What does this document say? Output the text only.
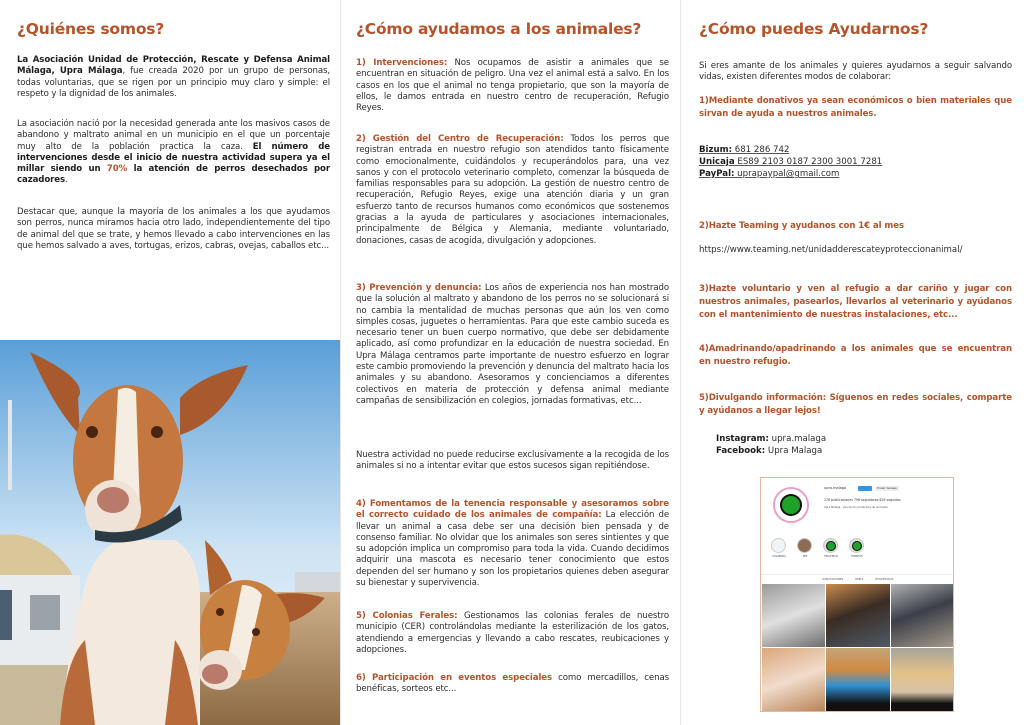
¿Quiénes somos?

La Asociación Unidad de Protección, Rescate y Defensa Animal Málaga, Upra Málaga, fue creada 2020 por un grupo de personas, todas voluntarias, que se rigen por un principio muy claro y simple: el respeto y la dignidad de los animales.

La asociación nació por la necesidad generada ante los masivos casos de abandono y maltrato animal en un municipio en el que un porcentaje muy alto de la población practica la caza. El número de intervenciones desde el inicio de nuestra actividad supera ya el millar siendo un 70% la atención de perros desechados por cazadores.

Destacar que, aunque la mayoría de los animales a los que ayudamos son perros, nunca miramos hacia otro lado, independientemente del tipo de animal del que se trate, y hemos llevado a cabo intervenciones en las que hemos salvado a aves, tortugas, erizos, cabras, ovejas, caballos etc...

¿Cómo ayudamos a los animales?

1) Intervenciones: Nos ocupamos de asistir a animales que se encuentran en situación de peligro. Una vez el animal está a salvo. En los casos en los que el animal no tenga propietario, que son la mayoría de ellos, le damos entrada en nuestro centro de recuperación, Refugio Reyes.

2) Gestión del Centro de Recuperación: Todos los perros que registran entrada en nuestro refugio son atendidos tanto físicamente como emocionalmente, cuidándolos y recuperándolos para, una vez sanos y con el protocolo veterinario completo, comenzar la búsqueda de familias responsables para su adopción. La gestión de nuestro centro de recuperación, Refugio Reyes, exige una atención diaria y un gran esfuerzo tanto de recursos humanos como económicos que sostenemos gracias a la ayuda de particulares y asociaciones internacionales, principalmente de Bélgica y Alemania, mediante voluntariado, donaciones, casas de acogida, divulgación y adopciones.

3) Prevención y denuncia: Los años de experiencia nos han mostrado que la solución al maltrato y abandono de los perros no se solucionará si no cambia la mentalidad de muchas personas que aún los ven como simples cosas, juguetes o herramientas. Para que este cambio suceda es necesario tener un buen cuerpo normativo, que debe ser debidamente aplicado, así como profundizar en la educación de nuestra sociedad. En Upra Málaga centramos parte importante de nuestro esfuerzo en lograr este cambio promoviendo la prevención y denuncia del maltrato hacia los animales y su abandono. Asesoramos y concienciamos a diferentes colectivos en materia de protección y defensa animal mediante campañas de sensibilización en colegios, jornadas formativas, etc...

Nuestra actividad no puede reducirse exclusivamente a la recogida de los animales si no a intentar evitar que estos sucesos sigan repitiéndose.

4) Fomentamos de la tenencia responsable y asesoramos sobre el correcto cuidado de los animales de compañía: La elección de llevar un animal a casa debe ser una decisión bien pensada y de consenso familiar. No olvidar que los animales son seres sintientes y que su adopción implica un compromiso para toda la vida. Cuando decidimos adquirir una mascota es necesario tener conocimiento que estos dependen del ser humano y son los propietarios quienes deben asegurar su bienestar y supervivencia.

5) Colonias Ferales: Gestionamos las colonias ferales de nuestro municipio (CER) controlándolas mediante la esterilización de los gatos, atendiendo a emergencias y llevando a cabo rescates, reubicaciones y adopciones.

6) Participación en eventos especiales como mercadillos, cenas benéficas, sorteos etc...

¿Cómo puedes Ayudarnos?

Si eres amante de los animales y quieres ayudarnos a seguir salvando vidas, existen diferentes modos de colaborar:

1)Mediante donativos ya sean económicos o bien materiales que sirvan de ayuda a nuestros animales.

Bizum: 681 286 742
Unicaja ES89 2103 0187 2300 3001 7281
PayPal: uprapaypal@gmail.com

2)Hazte Teaming y ayudanos con 1€ al mes

https://www.teaming.net/unidadderescateyproteccionanimal/

3)Hazte voluntario y ven al refugio a dar cariño y jugar con nuestros animales, pasearlos, llevarlos al veterinario y ayúdanos con el mantenimiento de nuestras instalaciones, etc...

4)Amadrinando/apadrinando a los animales que se encuentran en nuestro refugio.

5)Divulgando información: Síguenos en redes sociales, comparte y ayúdanos a llegar lejos!

Instagram: upra.malaga
Facebook: Upra Malaga
upra.malaga	Enviar mensaje
276 publicaciones 798 seguidores 629 seguidos
Upra Málaga · Asociación protectora de animales
COLABORA	PPP	FELIZ PELO	EVENTOS
PUBLICACIONES	REELS	ETIQUETADAS
